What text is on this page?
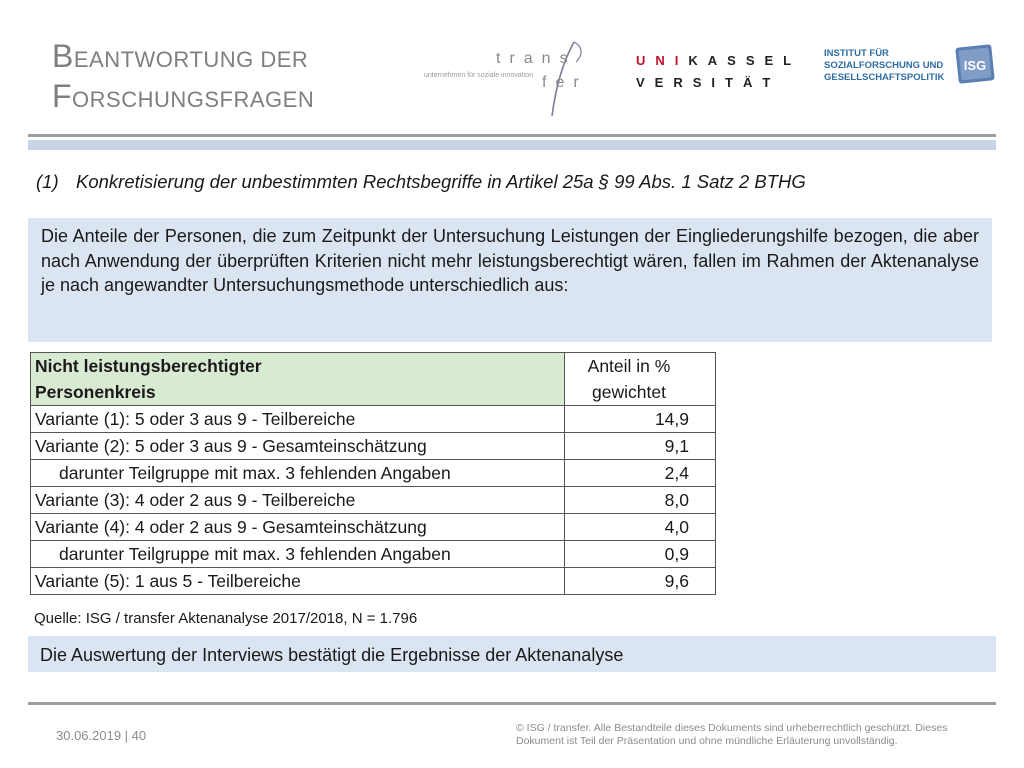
BEANTWORTUNG DER
FORSCHUNGSFRAGEN
trans
fer
unternehmen für soziale innovation
UNIKASSEL
VERSITÄT
INSTITUT FÜR
SOZIALFORSCHUNG UND
GESELLSCHAFTSPOLITIK
ISG
(1) Konkretisierung der unbestimmten Rechtsbegriffe in Artikel 25a § 99 Abs. 1 Satz 2 BTHG
Die Anteile der Personen, die zum Zeitpunkt der Untersuchung Leistungen der Eingliederungshilfe bezogen, die aber nach Anwendung der überprüften Kriterien nicht mehr leistungsberechtigt wären, fallen im Rahmen der Aktenanalyse je nach angewandter Untersuchungsmethode unterschiedlich aus:
Nicht leistungsberechtigter	Anteil in %
Personenkreis	gewichtet
Variante (1): 5 oder 3 aus 9 - Teilbereiche	14,9
Variante (2): 5 oder 3 aus 9 - Gesamteinschätzung	9,1
darunter Teilgruppe mit max. 3 fehlenden Angaben	2,4
Variante (3): 4 oder 2 aus 9 - Teilbereiche	8,0
Variante (4): 4 oder 2 aus 9 - Gesamteinschätzung	4,0
darunter Teilgruppe mit max. 3 fehlenden Angaben	0,9
Variante (5): 1 aus 5 - Teilbereiche	9,6
Quelle: ISG / transfer Aktenanalyse 2017/2018, N = 1.796
Die Auswertung der Interviews bestätigt die Ergebnisse der Aktenanalyse
30.06.2019 | 40	© ISG / transfer. Alle Bestandteile dieses Dokuments sind urheberrechtlich geschützt. Dieses
Dokument ist Teil der Präsentation und ohne mündliche Erläuterung unvollständig.
